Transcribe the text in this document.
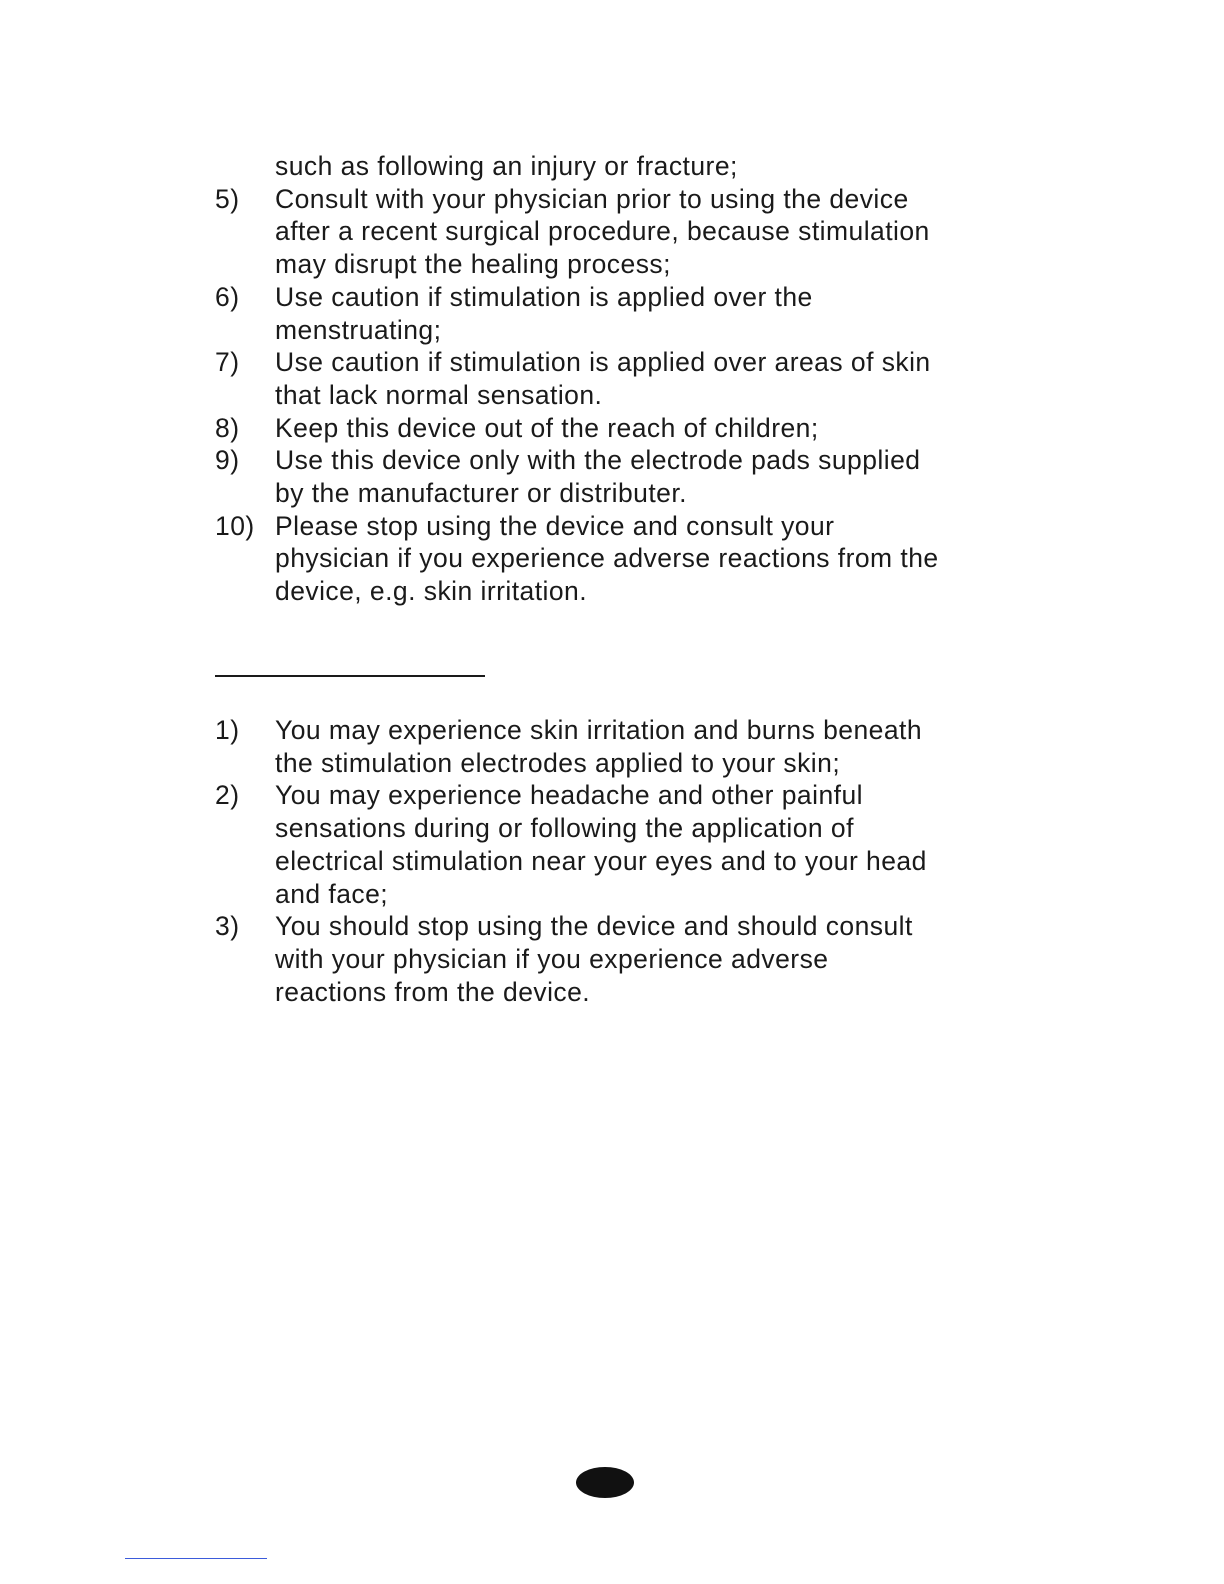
such as following an injury or fracture;
5)	Consult with your physician prior to using the device
after a recent surgical procedure, because stimulation
may disrupt the healing process;
6)	Use caution if stimulation is applied over the
menstruating;
7)	Use caution if stimulation is applied over areas of skin
that lack normal sensation.
8)	Keep this device out of the reach of children;
9)	Use this device only with the electrode pads supplied
by the manufacturer or distributer.
10) Please stop using the device and consult your
physician if you experience adverse reactions from the
device, e.g. skin irritation.
1)	You may experience skin irritation and burns beneath
the stimulation electrodes applied to your skin;
2)	You may experience headache and other painful
sensations during or following the application of
electrical stimulation near your eyes and to your head
and face;
3)	You should stop using the device and should consult
with your physician if you experience adverse
reactions from the device.
